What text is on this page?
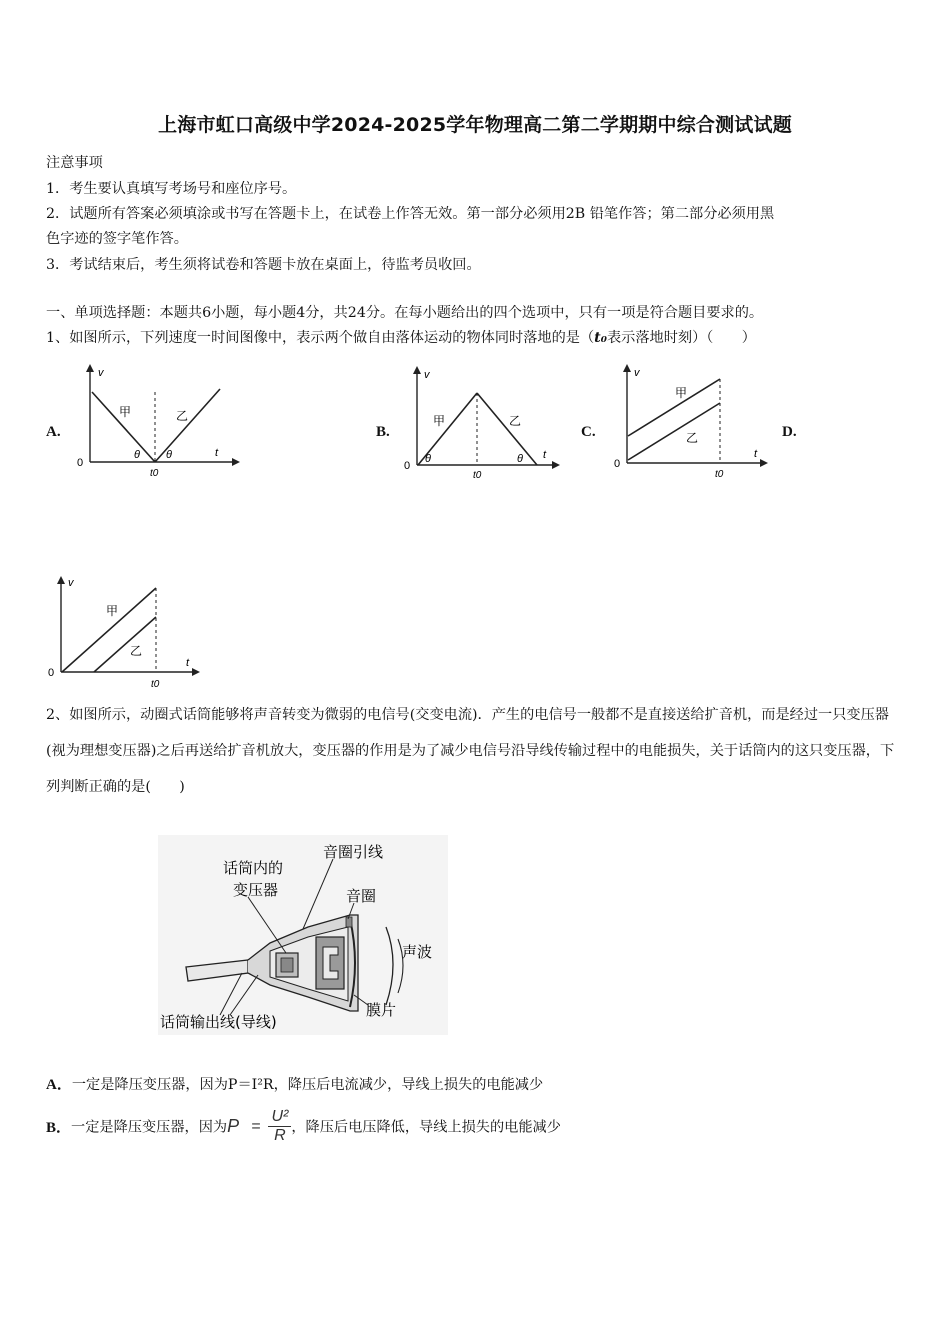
上海市虹口高级中学2024-2025学年物理高二第二学期期中综合测试试题
注意事项
1．考生要认真填写考场号和座位序号。
2．试题所有答案必须填涂或书写在答题卡上，在试卷上作答无效。第一部分必须用2B 铅笔作答；第二部分必须用黑
色字迹的签字笔作答。
3．考试结束后，考生须将试卷和答题卡放在桌面上，待监考员收回。
一、单项选择题：本题共6小题，每小题4分，共24分。在每小题给出的四个选项中，只有一项是符合题目要求的。
1、如图所示，下列速度一时间图像中，表示两个做自由落体运动的物体同时落地的是（t₀表示落地时刻）（　　）
A.	B.	C.	D.
v
0
t
t0
甲	乙
θ θ
v
0
t
t0
甲	乙
θ	θ
v
0
t
t0
甲
乙
v
0
t
t0
甲
乙
2、如图所示，动圈式话筒能够将声音转变为微弱的电信号(交变电流)．产生的电信号一般都不是直接送给扩音机，而是经过一只变压器(视为理想变压器)之后再送给扩音机放大，变压器的作用是为了减少电信号沿导线传输过程中的电能损失，关于话筒内的这只变压器，下列判断正确的是(　　)
话筒内的
变压器
音圈引线
音圈
声波
膜片
话筒输出线(导线)
A．一定是降压变压器，因为P＝I²R，降压后电流减少，导线上损失的电能减少
B．一定是降压变压器，因为$P = \frac{\text{U²}}{R}$ ，降压后电压降低，导线上损失的电能减少
